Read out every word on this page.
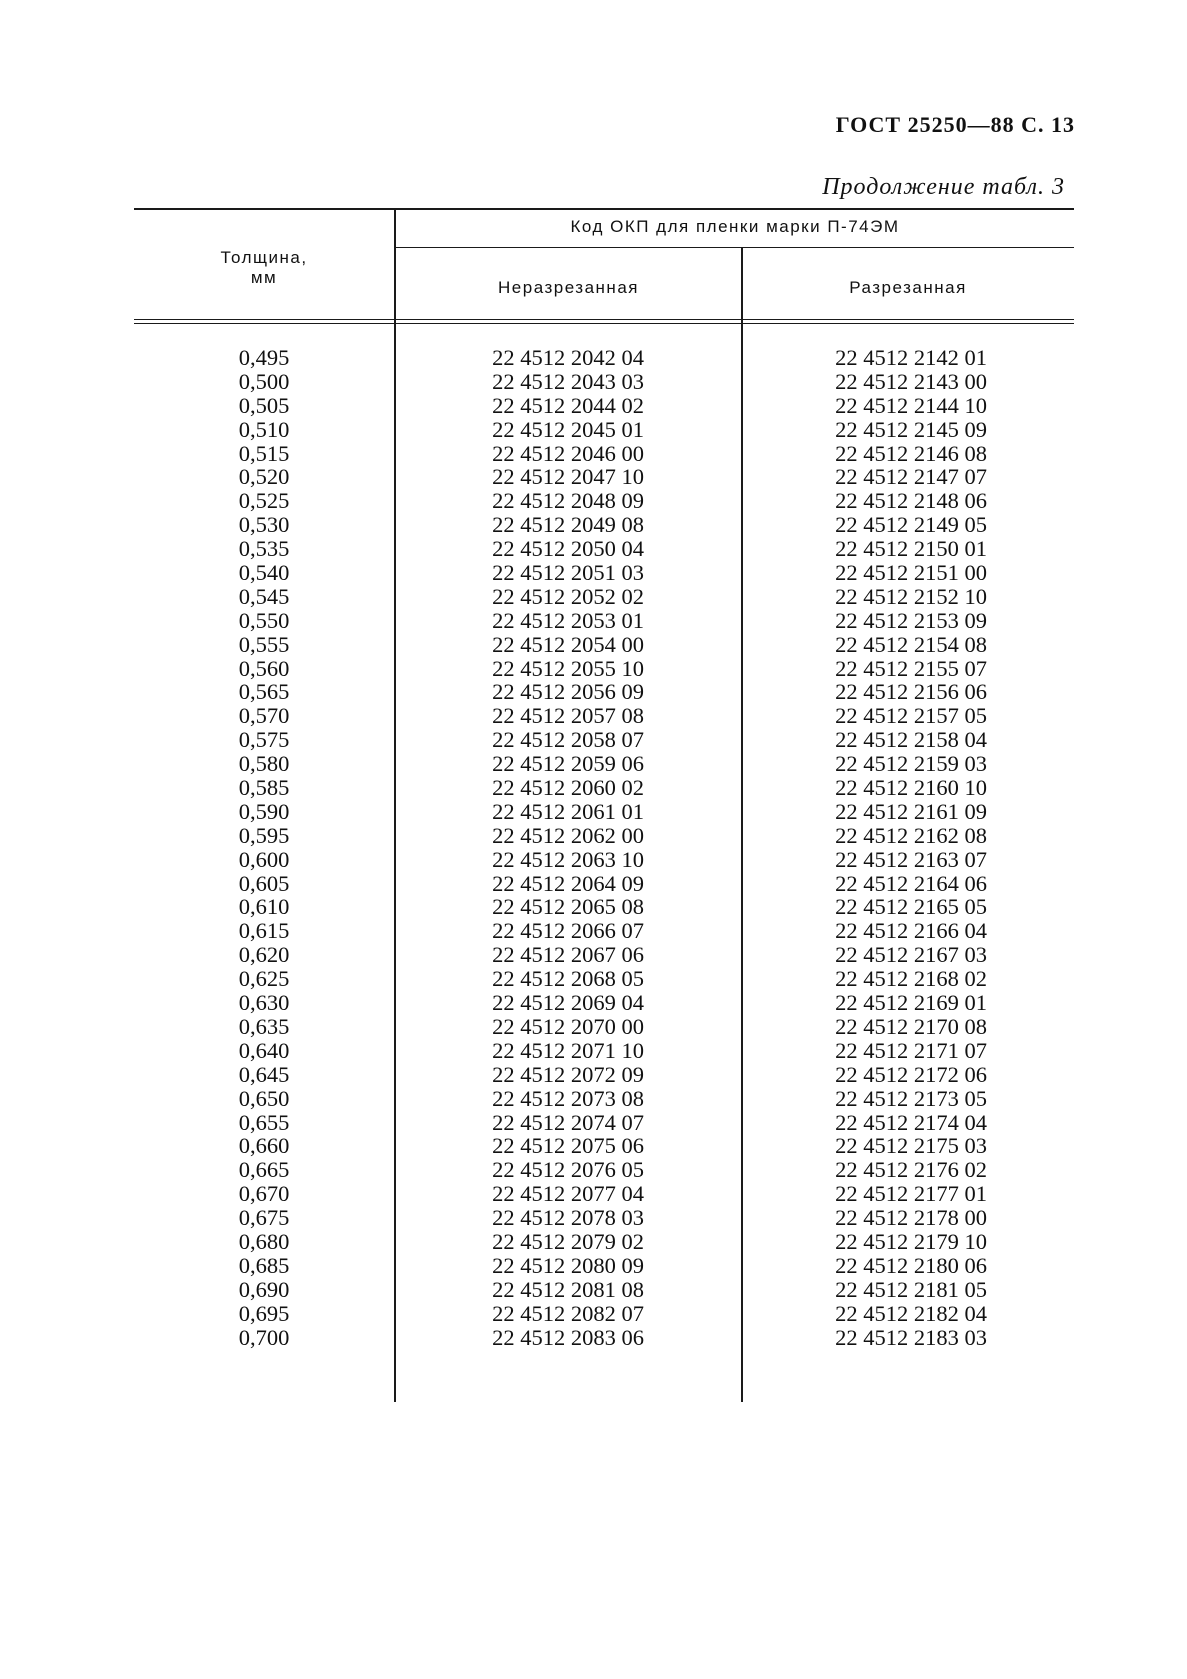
ГОСТ 25250—88 С. 13
Продолжение табл. 3
Толщина,
мм
Код ОКП для пленки марки П-74ЭМ
Неразрезанная	Разрезанная
0,495
0,500
0,505
0,510
0,515
0,520
0,525
0,530
0,535
0,540
0,545
0,550
0,555
0,560
0,565
0,570
0,575
0,580
0,585
0,590
0,595
0,600
0,605
0,610
0,615
0,620
0,625
0,630
0,635
0,640
0,645
0,650
0,655
0,660
0,665
0,670
0,675
0,680
0,685
0,690
0,695
0,700
22 4512 2042 04
22 4512 2043 03
22 4512 2044 02
22 4512 2045 01
22 4512 2046 00
22 4512 2047 10
22 4512 2048 09
22 4512 2049 08
22 4512 2050 04
22 4512 2051 03
22 4512 2052 02
22 4512 2053 01
22 4512 2054 00
22 4512 2055 10
22 4512 2056 09
22 4512 2057 08
22 4512 2058 07
22 4512 2059 06
22 4512 2060 02
22 4512 2061 01
22 4512 2062 00
22 4512 2063 10
22 4512 2064 09
22 4512 2065 08
22 4512 2066 07
22 4512 2067 06
22 4512 2068 05
22 4512 2069 04
22 4512 2070 00
22 4512 2071 10
22 4512 2072 09
22 4512 2073 08
22 4512 2074 07
22 4512 2075 06
22 4512 2076 05
22 4512 2077 04
22 4512 2078 03
22 4512 2079 02
22 4512 2080 09
22 4512 2081 08
22 4512 2082 07
22 4512 2083 06
22 4512 2142 01
22 4512 2143 00
22 4512 2144 10
22 4512 2145 09
22 4512 2146 08
22 4512 2147 07
22 4512 2148 06
22 4512 2149 05
22 4512 2150 01
22 4512 2151 00
22 4512 2152 10
22 4512 2153 09
22 4512 2154 08
22 4512 2155 07
22 4512 2156 06
22 4512 2157 05
22 4512 2158 04
22 4512 2159 03
22 4512 2160 10
22 4512 2161 09
22 4512 2162 08
22 4512 2163 07
22 4512 2164 06
22 4512 2165 05
22 4512 2166 04
22 4512 2167 03
22 4512 2168 02
22 4512 2169 01
22 4512 2170 08
22 4512 2171 07
22 4512 2172 06
22 4512 2173 05
22 4512 2174 04
22 4512 2175 03
22 4512 2176 02
22 4512 2177 01
22 4512 2178 00
22 4512 2179 10
22 4512 2180 06
22 4512 2181 05
22 4512 2182 04
22 4512 2183 03
